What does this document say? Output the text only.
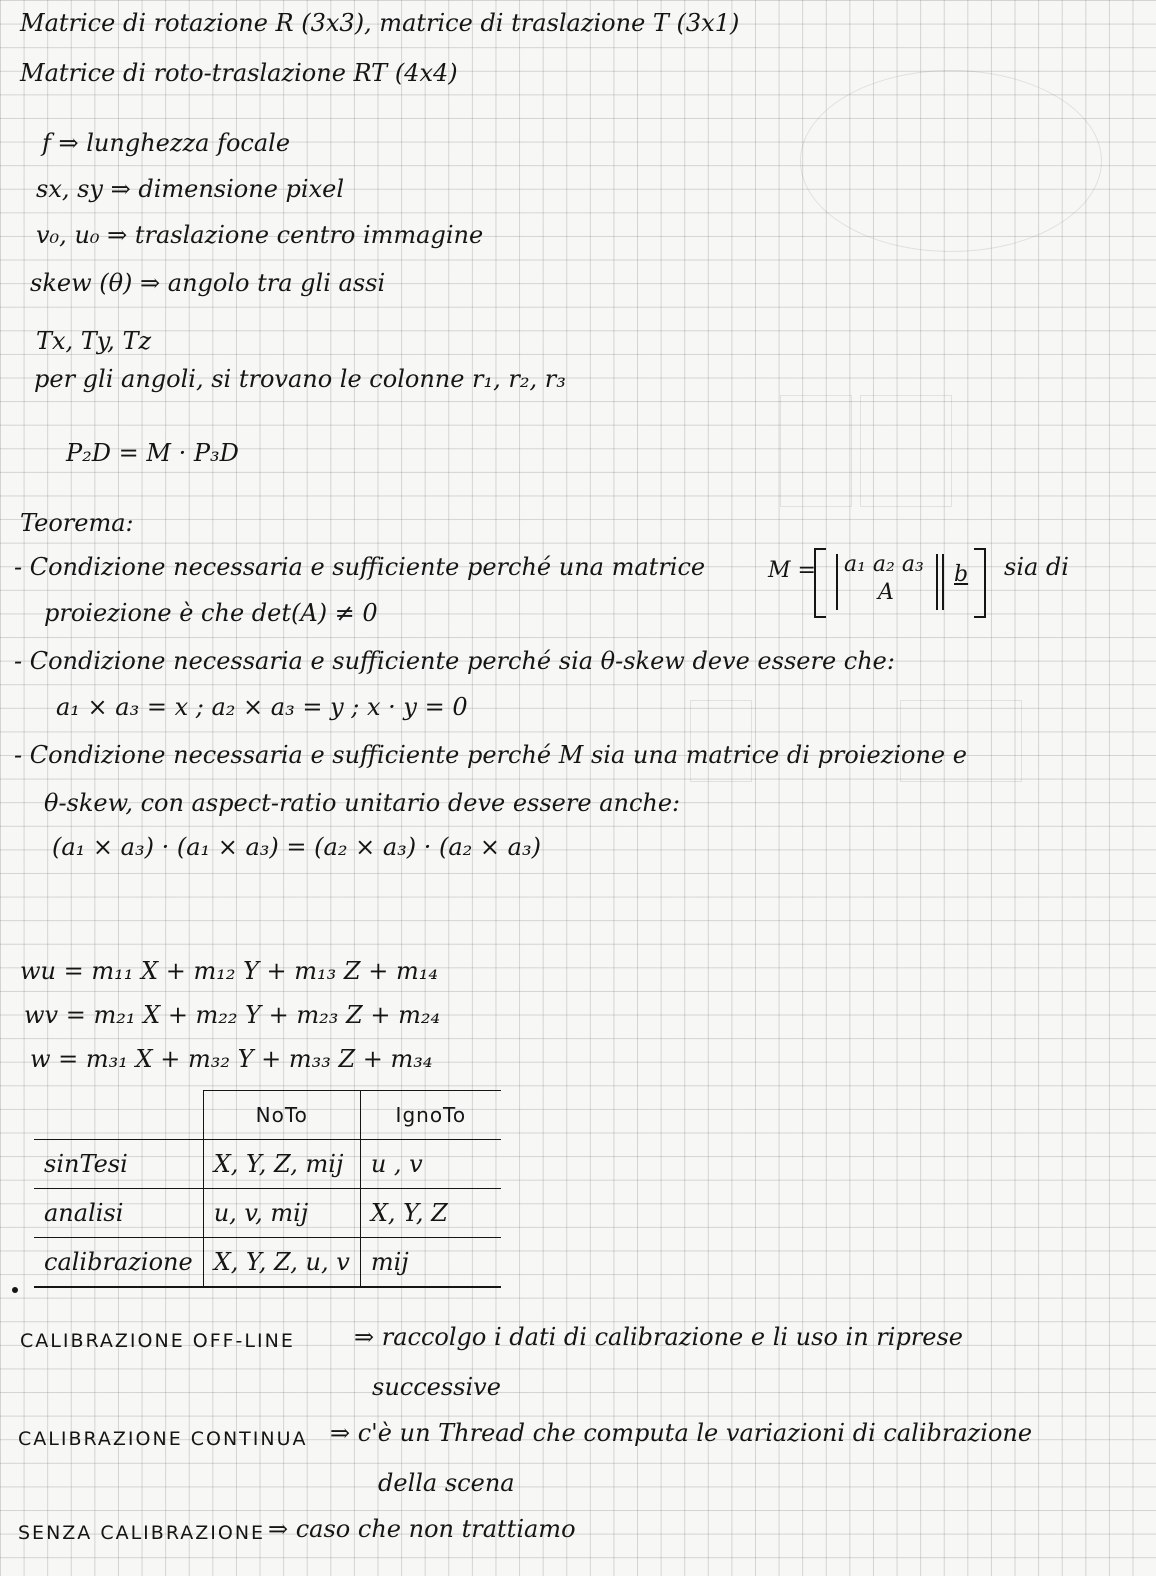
Matrice di rotazione R (3x3), matrice di traslazione T (3x1)
Matrice di roto-traslazione RT (4x4)
f ⇒ lunghezza focale
sx, sy ⇒ dimensione pixel
v₀, u₀ ⇒ traslazione centro immagine
skew (θ) ⇒ angolo tra gli assi
Tx, Ty, Tz
per gli angoli, si trovano le colonne r₁, r₂, r₃
P₂D = M · P₃D
Teorema:
- Condizione necessaria e sufficiente perché una matrice	M = a₁ a₂ a₃
A
b sia di
proiezione è che det(A) ≠ 0
- Condizione necessaria e sufficiente perché sia θ-skew deve essere che:
a₁ × a₃ = x ; a₂ × a₃ = y ; x · y = 0
- Condizione necessaria e sufficiente perché M sia una matrice di proiezione e
θ-skew, con aspect-ratio unitario deve essere anche:
(a₁ × a₃) · (a₁ × a₃) = (a₂ × a₃) · (a₂ × a₃)
wu = m₁₁ X + m₁₂ Y + m₁₃ Z + m₁₄
wv = m₂₁ X + m₂₂ Y + m₂₃ Z + m₂₄
w = m₃₁ X + m₃₂ Y + m₃₃ Z + m₃₄
	NoTo	IgnoTo
sinTesi	X, Y, Z, mij	u , v
analisi	u, v, mij	X, Y, Z
calibrazione	X, Y, Z, u, v	mij
CALIBRAZIONE OFF-LINE ⇒ raccolgo i dati di calibrazione e li uso in riprese
successive
CALIBRAZIONE CONTINUA ⇒ c'è un Thread che computa le variazioni di calibrazione
della scena
SENZA CALIBRAZIONE ⇒ caso che non trattiamo
